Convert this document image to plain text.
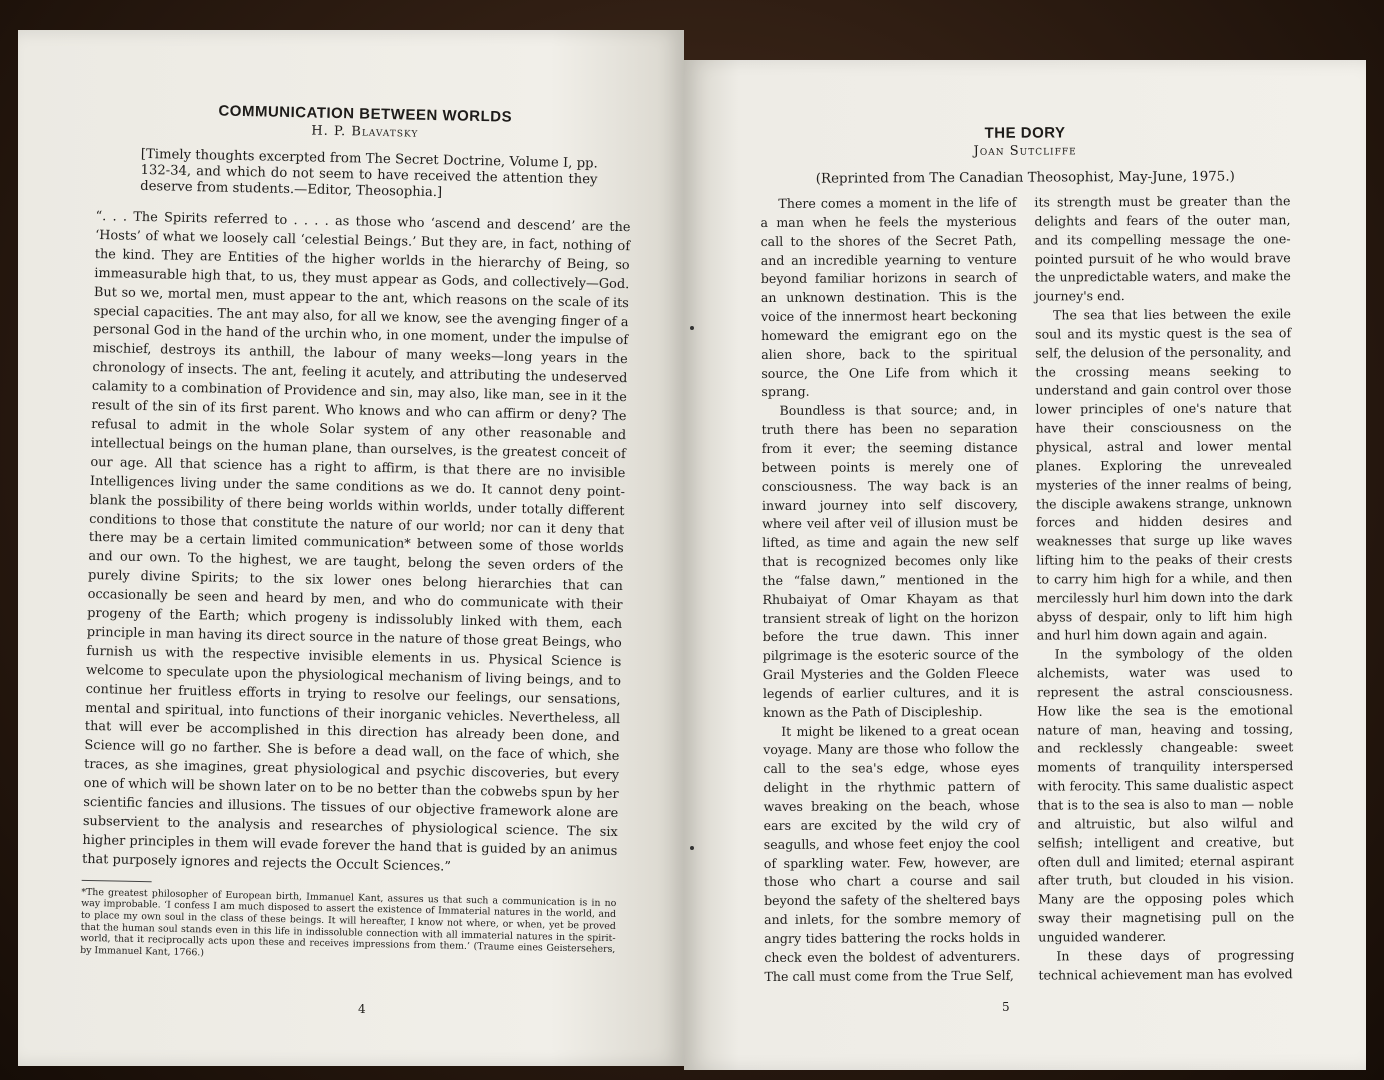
COMMUNICATION BETWEEN WORLDS
H. P. Blavatsky
[Timely thoughts excerpted from The Secret Doctrine, Volume I, pp. 132-34, and which do not seem to have received the attention they deserve from students.—Editor, Theosophia.]
“. . . The Spirits referred to . . . . as those who ‘ascend and descend’ are the ‘Hosts’ of what we loosely call ‘celestial Beings.’ But they are, in fact, nothing of the kind. They are Entities of the higher worlds in the hierarchy of Being, so immeasurable high that, to us, they must appear as Gods, and collectively—God. But so we, mortal men, must appear to the ant, which reasons on the scale of its special capacities. The ant may also, for all we know, see the avenging finger of a personal God in the hand of the urchin who, in one moment, under the impulse of mischief, destroys its anthill, the labour of many weeks—long years in the chronology of insects. The ant, feeling it acutely, and attributing the undeserved calamity to a combination of Providence and sin, may also, like man, see in it the result of the sin of its first parent. Who knows and who can affirm or deny? The refusal to admit in the whole Solar system of any other reasonable and intellectual beings on the human plane, than ourselves, is the greatest conceit of our age. All that science has a right to affirm, is that there are no invisible Intelligences living under the same conditions as we do. It cannot deny point-blank the possibility of there being worlds within worlds, under totally different conditions to those that constitute the nature of our world; nor can it deny that there may be a certain limited communication* between some of those worlds and our own. To the highest, we are taught, belong the seven orders of the purely divine Spirits; to the six lower ones belong hierarchies that can occasionally be seen and heard by men, and who do communicate with their progeny of the Earth; which progeny is indissolubly linked with them, each principle in man having its direct source in the nature of those great Beings, who furnish us with the respective invisible elements in us. Physical Science is welcome to speculate upon the physiological mechanism of living beings, and to continue her fruitless efforts in trying to resolve our feelings, our sensations, mental and spiritual, into functions of their inorganic vehicles. Nevertheless, all that will ever be accomplished in this direction has already been done, and Science will go no farther. She is before a dead wall, on the face of which, she traces, as she imagines, great physiological and psychic discoveries, but every one of which will be shown later on to be no better than the cobwebs spun by her scientific fancies and illusions. The tissues of our objective framework alone are subservient to the analysis and researches of physiological science. The six higher principles in them will evade forever the hand that is guided by an animus that purposely ignores and rejects the Occult Sciences.”
*The greatest philosopher of European birth, Immanuel Kant, assures us that such a communication is in no way improbable. ‘I confess I am much disposed to assert the existence of Immaterial natures in the world, and to place my own soul in the class of these beings. It will hereafter, I know not where, or when, yet be proved that the human soul stands even in this life in indissoluble connection with all immaterial natures in the spirit-world, that it reciprocally acts upon these and receives impressions from them.’ (Traume eines Geistersehers, by Immanuel Kant, 1766.)
4
THE DORY
Joan Sutcliffe
(Reprinted from The Canadian Theosophist, May-June, 1975.)

There comes a moment in the life of a man when he feels the mysterious call to the shores of the Secret Path, and an incredible yearning to venture beyond familiar horizons in search of an unknown destination. This is the voice of the innermost heart beckoning homeward the emigrant ego on the alien shore, back to the spiritual source, the One Life from which it sprang.

Boundless is that source; and, in truth there has been no separation from it ever; the seeming distance between points is merely one of consciousness. The way back is an inward journey into self discovery, where veil after veil of illusion must be lifted, as time and again the new self that is recognized becomes only like the “false dawn,” mentioned in the Rhubaiyat of Omar Khayam as that transient streak of light on the horizon before the true dawn. This inner pilgrimage is the esoteric source of the Grail Mysteries and the Golden Fleece legends of earlier cultures, and it is known as the Path of Discipleship.

It might be likened to a great ocean voyage. Many are those who follow the call to the sea's edge, whose eyes delight in the rhythmic pattern of waves breaking on the beach, whose ears are excited by the wild cry of seagulls, and whose feet enjoy the cool of sparkling water. Few, however, are those who chart a course and sail beyond the safety of the sheltered bays and inlets, for the sombre memory of angry tides battering the rocks holds in check even the boldest of adventurers. The call must come from the True Self,

its strength must be greater than the delights and fears of the outer man, and its compelling message the one-pointed pursuit of he who would brave the unpredictable waters, and make the journey's end.

The sea that lies between the exile soul and its mystic quest is the sea of self, the delusion of the personality, and the crossing means seeking to understand and gain control over those lower principles of one's nature that have their consciousness on the physical, astral and lower mental planes. Exploring the unrevealed mysteries of the inner realms of being, the disciple awakens strange, unknown forces and hidden desires and weaknesses that surge up like waves lifting him to the peaks of their crests to carry him high for a while, and then mercilessly hurl him down into the dark abyss of despair, only to lift him high and hurl him down again and again.

In the symbology of the olden alchemists, water was used to represent the astral consciousness. How like the sea is the emotional nature of man, heaving and tossing, and recklessly changeable: sweet moments of tranquility interspersed with ferocity. This same dualistic aspect that is to the sea is also to man — noble and altruistic, but also wilful and selfish; intelligent and creative, but often dull and limited; eternal aspirant after truth, but clouded in his vision. Many are the opposing poles which sway their magnetising pull on the unguided wanderer.

In these days of progressing technical achievement man has evolved

5
